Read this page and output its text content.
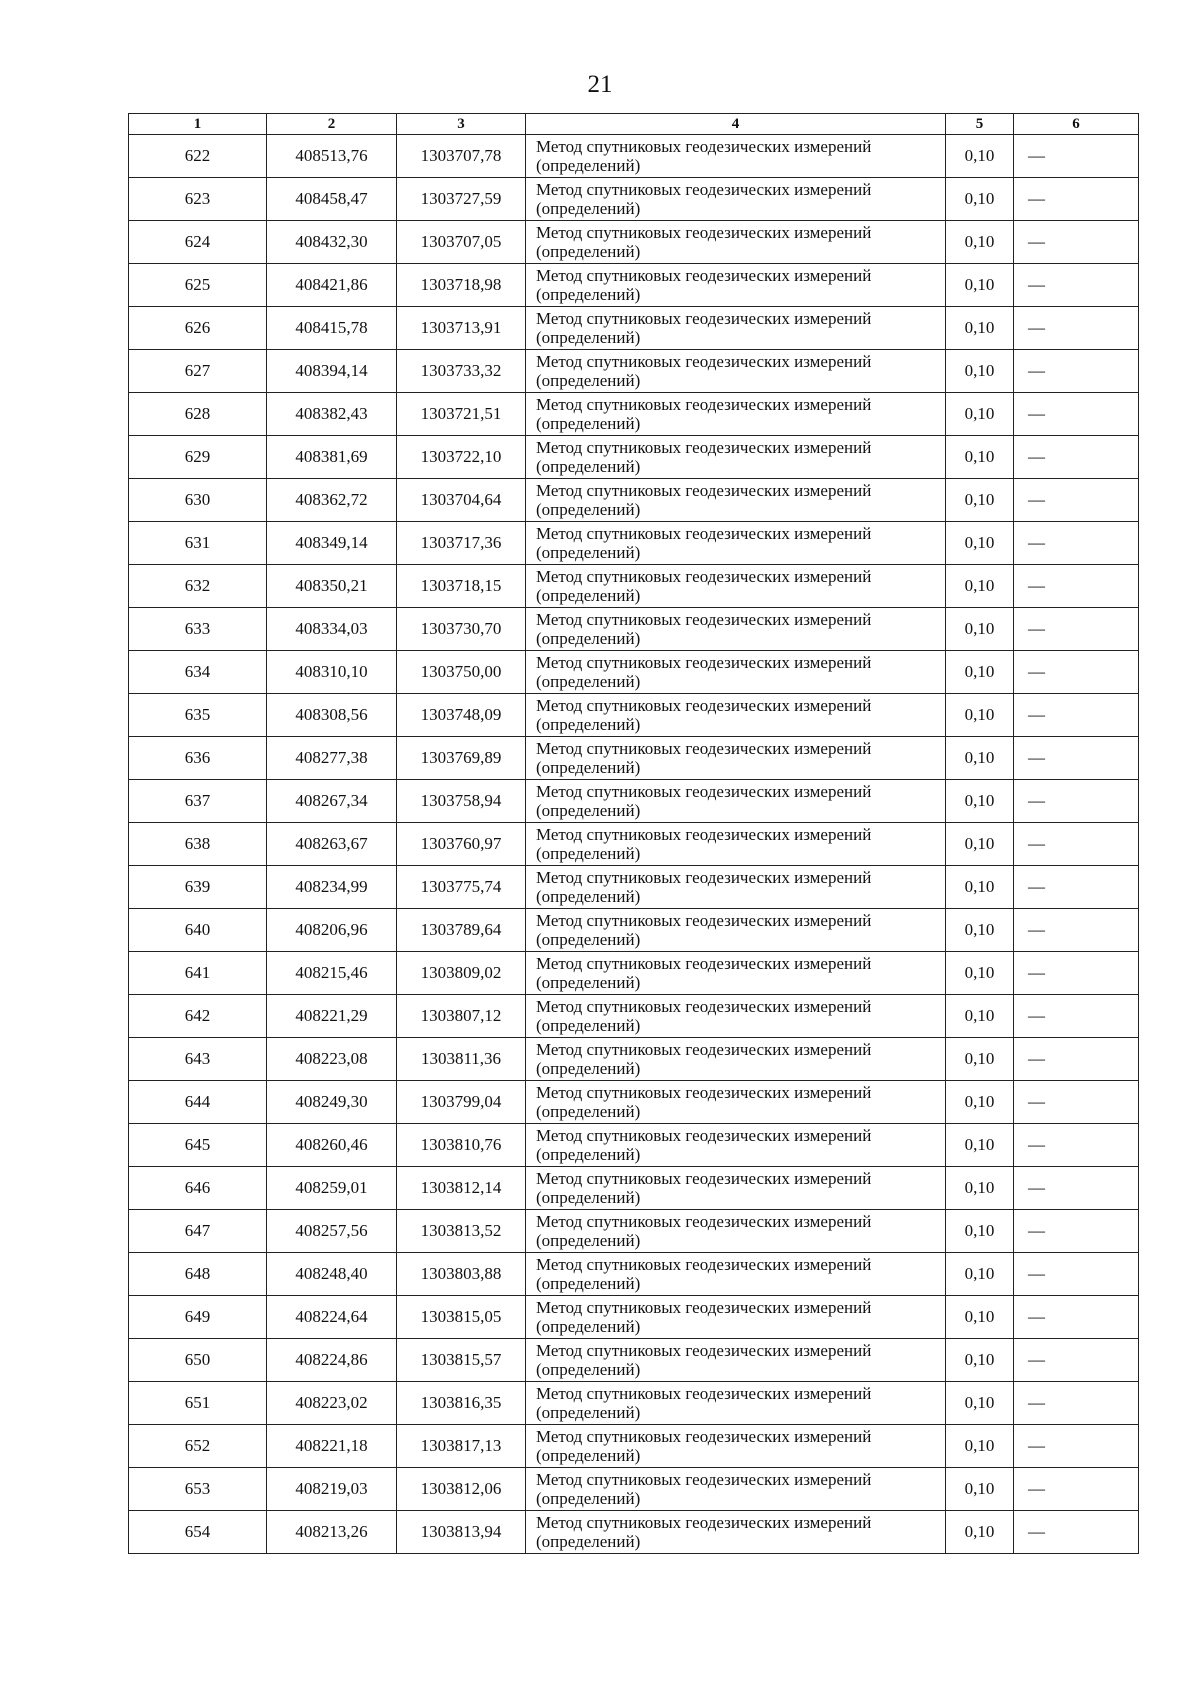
21
1	2	3	4	5	6
622	408513,76	1303707,78	Метод спутниковых геодезических измерений (определений)	0,10	—
623	408458,47	1303727,59	Метод спутниковых геодезических измерений (определений)	0,10	—
624	408432,30	1303707,05	Метод спутниковых геодезических измерений (определений)	0,10	—
625	408421,86	1303718,98	Метод спутниковых геодезических измерений (определений)	0,10	—
626	408415,78	1303713,91	Метод спутниковых геодезических измерений (определений)	0,10	—
627	408394,14	1303733,32	Метод спутниковых геодезических измерений (определений)	0,10	—
628	408382,43	1303721,51	Метод спутниковых геодезических измерений (определений)	0,10	—
629	408381,69	1303722,10	Метод спутниковых геодезических измерений (определений)	0,10	—
630	408362,72	1303704,64	Метод спутниковых геодезических измерений (определений)	0,10	—
631	408349,14	1303717,36	Метод спутниковых геодезических измерений (определений)	0,10	—
632	408350,21	1303718,15	Метод спутниковых геодезических измерений (определений)	0,10	—
633	408334,03	1303730,70	Метод спутниковых геодезических измерений (определений)	0,10	—
634	408310,10	1303750,00	Метод спутниковых геодезических измерений (определений)	0,10	—
635	408308,56	1303748,09	Метод спутниковых геодезических измерений (определений)	0,10	—
636	408277,38	1303769,89	Метод спутниковых геодезических измерений (определений)	0,10	—
637	408267,34	1303758,94	Метод спутниковых геодезических измерений (определений)	0,10	—
638	408263,67	1303760,97	Метод спутниковых геодезических измерений (определений)	0,10	—
639	408234,99	1303775,74	Метод спутниковых геодезических измерений (определений)	0,10	—
640	408206,96	1303789,64	Метод спутниковых геодезических измерений (определений)	0,10	—
641	408215,46	1303809,02	Метод спутниковых геодезических измерений (определений)	0,10	—
642	408221,29	1303807,12	Метод спутниковых геодезических измерений (определений)	0,10	—
643	408223,08	1303811,36	Метод спутниковых геодезических измерений (определений)	0,10	—
644	408249,30	1303799,04	Метод спутниковых геодезических измерений (определений)	0,10	—
645	408260,46	1303810,76	Метод спутниковых геодезических измерений (определений)	0,10	—
646	408259,01	1303812,14	Метод спутниковых геодезических измерений (определений)	0,10	—
647	408257,56	1303813,52	Метод спутниковых геодезических измерений (определений)	0,10	—
648	408248,40	1303803,88	Метод спутниковых геодезических измерений (определений)	0,10	—
649	408224,64	1303815,05	Метод спутниковых геодезических измерений (определений)	0,10	—
650	408224,86	1303815,57	Метод спутниковых геодезических измерений (определений)	0,10	—
651	408223,02	1303816,35	Метод спутниковых геодезических измерений (определений)	0,10	—
652	408221,18	1303817,13	Метод спутниковых геодезических измерений (определений)	0,10	—
653	408219,03	1303812,06	Метод спутниковых геодезических измерений (определений)	0,10	—
654	408213,26	1303813,94	Метод спутниковых геодезических измерений (определений)	0,10	—
